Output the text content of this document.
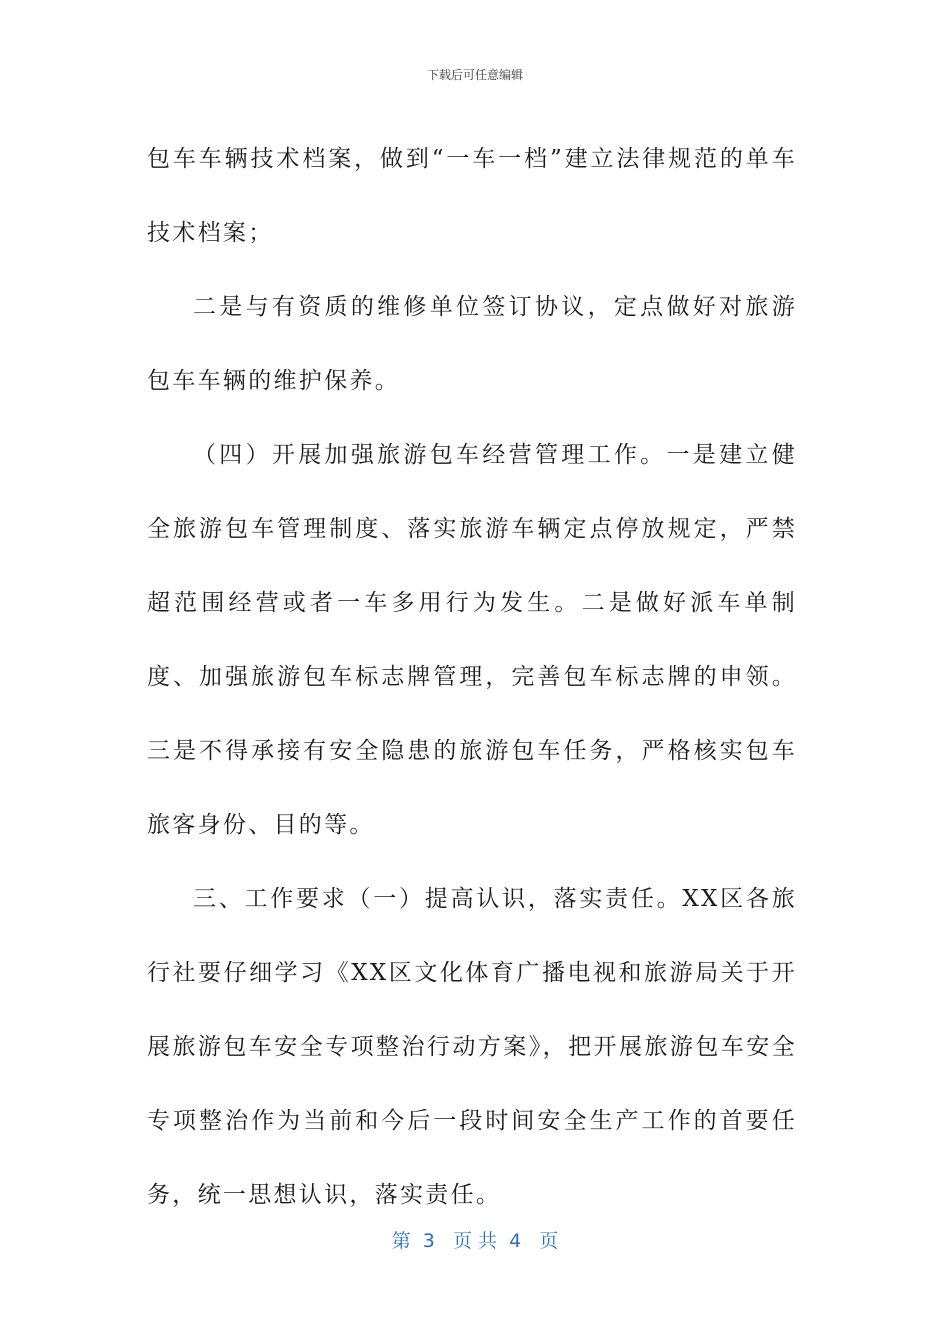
下载后可任意编辑

包车车辆技术档案，做到“一车一档”建立法律规范的单车技术档案；

二是与有资质的维修单位签订协议，定点做好对旅游包车车辆的维护保养。

（四）开展加强旅游包车经营管理工作。一是建立健全旅游包车管理制度、落实旅游车辆定点停放规定，严禁超范围经营或者一车多用行为发生。二是做好派车单制度、加强旅游包车标志牌管理，完善包车标志牌的申领。三是不得承接有安全隐患的旅游包车任务，严格核实包车旅客身份、目的等。

三、工作要求（一）提高认识，落实责任。XX区各旅行社要仔细学习《XX区文化体育广播电视和旅游局关于开展旅游包车安全专项整治行动方案》，把开展旅游包车安全专项整治作为当前和今后一段时间安全生产工作的首要任务，统一思想认识，落实责任。

第  3   页 共  4   页
